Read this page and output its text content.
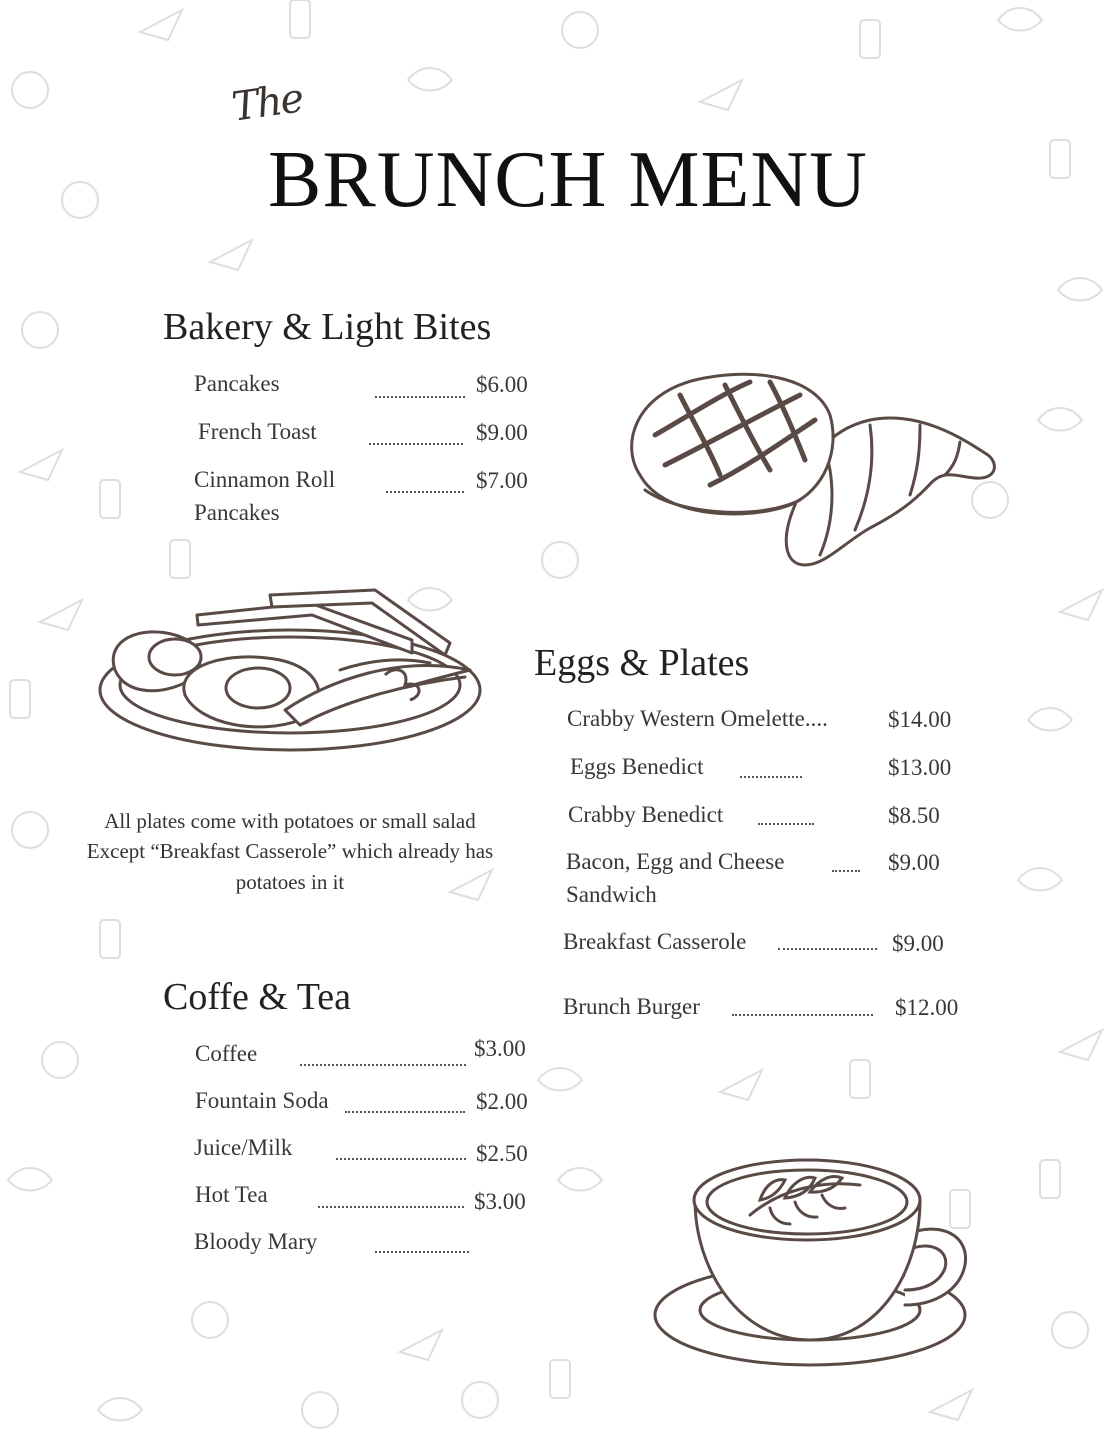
The
BRUNCH MENU
Bakery & Light Bites
Pancakes	$6.00
French Toast	$9.00
Cinnamon Roll
Pancakes
$7.00
Eggs & Plates
Crabby Western Omelette....	$14.00
Eggs Benedict	$13.00
Crabby Benedict	$8.50
Bacon, Egg and Cheese
Sandwich
$9.00
Breakfast Casserole	$9.00
Brunch Burger	$12.00
All plates come with potatoes or small salad
Except “Breakfast Casserole” which already has
potatoes in it
Coffe & Tea
Coffee	$3.00
Fountain Soda	$2.00
Juice/Milk	$2.50
Hot Tea	$3.00
Bloody Mary
